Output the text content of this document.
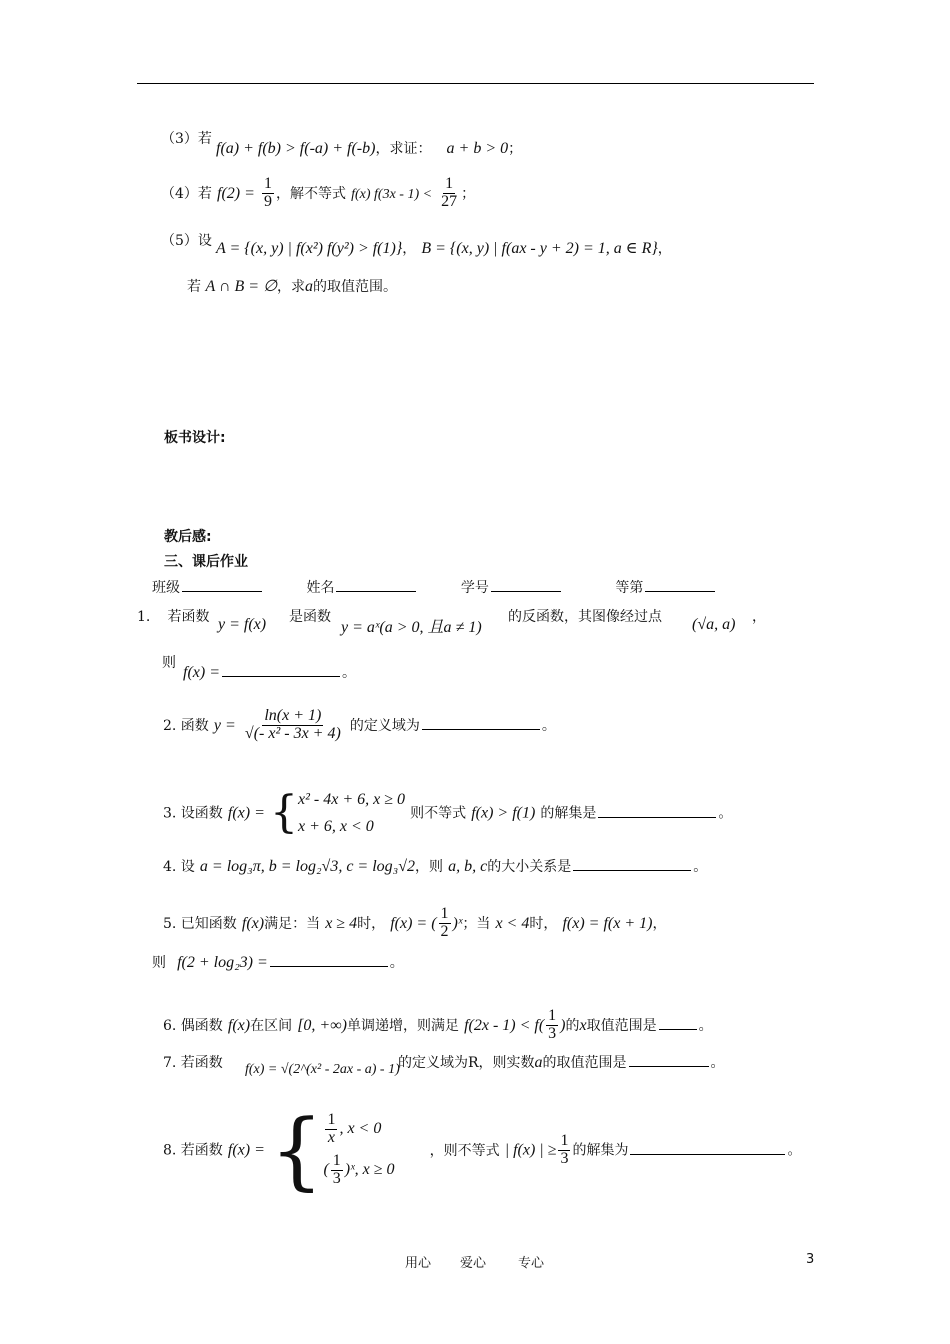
（3）若
f(a) + f(b) > f(-a) + f(-b)，求证： a + b > 0；
（4）若 $f(2) = \frac{1}{9}$ ，解不等式 f(x) $f(3x - 1) < \frac{1}{27}$ ；
（5）设 A = {(x, y) | f(x²) f(y²) > f(1)}， B = {(x, y) | f(ax - y + 2) = 1, a ∈ R}，
若 A ∩ B = ∅，求a的取值范围。
板书设计:
教后感:
三、课后作业
班级	姓名	学号	等第
1. 若函数 y = f(x) 是函数
y = aˣ(a > 0, 且a ≠ 1)
的反函数，其图像经过点 (√a, a) ，
则
f(x) =	。
2. 函数 $y = \frac{\ln(x + 1)}{\text{√(- x² - 3x + 4)}}$ 的定义域为	。
3. 设函数 f(x) = { x² - 4x + 6, x ≥ 0
x + 6, x < 0
则不等式 f(x) > f(1) 的解集是	。
4. 设 a = log₃π, b = log₂√3, c = log₃√2，则 a, b, c的大小关系是	。
5. 已知函数 f(x)满足：当 x ≥ 4时， f(x) = ( $\frac{1}{2}$ )ˣ；当 x < 4时， f(x) = f(x + 1)，
则 f(2 + log₂3) =	。
6. 偶函数 f(x)在区间 [0, +∞)单调递增，则满足 $f(2x - 1) < f( \frac{1}{3}$ )的x取值范围是	。
7. 若函数 f(x) = √(2^(x² - 2ax - a) - 1)
的定义域为R，则实数a的取值范围是	。
8. 若函数 f(x) = { $\frac{1}{x}$ , x < 0
( $\frac{1}{3}$ )ˣ, x ≥ 0
，则不等式 | f(x) | ≥ $\frac{1}{3}$ 的解集为	。
用心 爱心 专心	3
